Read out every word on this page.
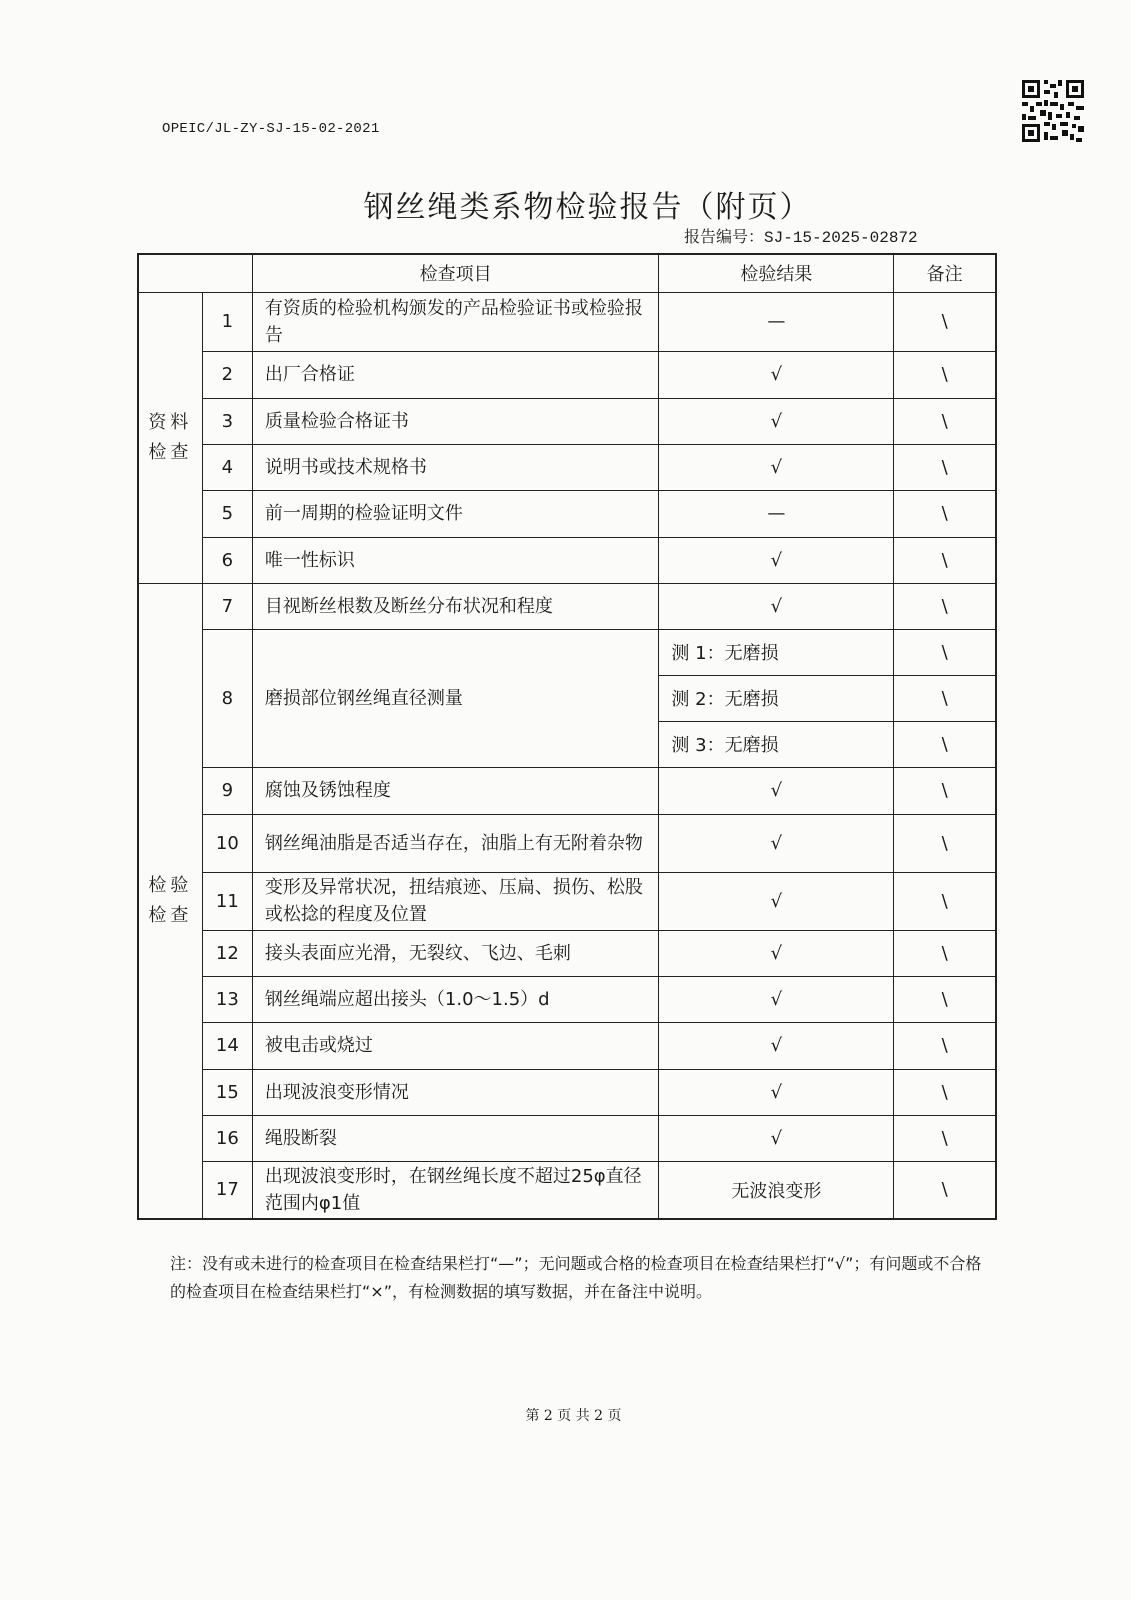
OPEIC/JL-ZY-SJ-15-02-2021
钢丝绳类系物检验报告（附页）
报告编号：SJ-15-2025-02872
		检查项目	检验结果	备注
资料检查	1	有资质的检验机构颁发的产品检验证书或检验报告	—	\
	2	出厂合格证	√	\
	3	质量检验合格证书	√	\
	4	说明书或技术规格书	√	\
	5	前一周期的检验证明文件	—	\
	6	唯一性标识	√	\
检验检查	7	目视断丝根数及断丝分布状况和程度	√	\
	8	磨损部位钢丝绳直径测量	测 1：无磨损	\
			测 2：无磨损	\
			测 3：无磨损	\
	9	腐蚀及锈蚀程度	√	\
	10	钢丝绳油脂是否适当存在，油脂上有无附着杂物	√	\
	11	变形及异常状况，扭结痕迹、压扁、损伤、松股或松捻的程度及位置	√	\
	12	接头表面应光滑，无裂纹、飞边、毛刺	√	\
	13	钢丝绳端应超出接头（1.0～1.5）d	√	\
	14	被电击或烧过	√	\
	15	出现波浪变形情况	√	\
	16	绳股断裂	√	\
	17	出现波浪变形时，在钢丝绳长度不超过25φ直径范围内φ1值	无波浪变形	\
注：没有或未进行的检查项目在检查结果栏打“—”；无问题或合格的检查项目在检查结果栏打“√”；有问题或不合格的检查项目在检查结果栏打“×”，有检测数据的填写数据，并在备注中说明。
第 2 页 共 2 页
